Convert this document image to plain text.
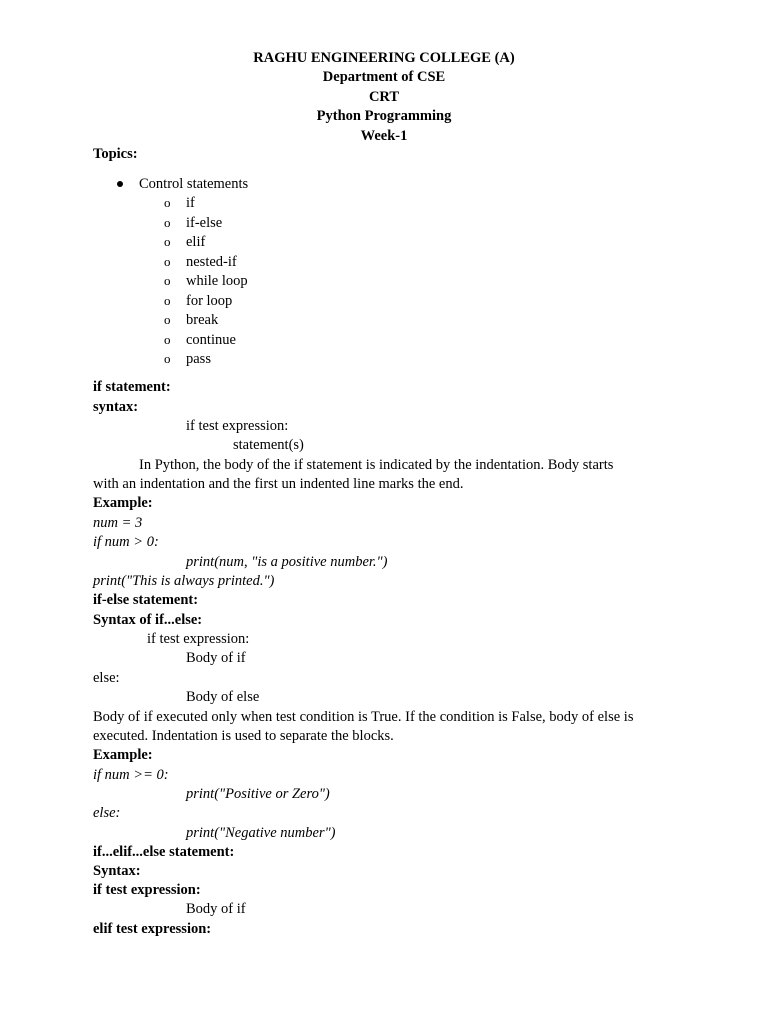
RAGHU ENGINEERING COLLEGE (A)
Department of CSE
CRT
Python Programming
Week-1
Topics:
Control statements
o if
o if-else
o elif
o nested-if
o while loop
o for loop
o break
o continue
o pass
if statement:
syntax:
if test expression:
statement(s)
In Python, the body of the if statement is indicated by the indentation. Body starts
with an indentation and the first un indented line marks the end.
Example:
num = 3
if num > 0:
print(num, "is a positive number.")
print("This is always printed.")
if-else statement:
Syntax of if...else:
if test expression:
Body of if
else:
Body of else
Body of if executed only when test condition is True. If the condition is False, body of else is
executed. Indentation is used to separate the blocks.
Example:
if num >= 0:
print("Positive or Zero")
else:
print("Negative number")
if...elif...else statement:
Syntax:
if test expression:
Body of if
elif test expression:
